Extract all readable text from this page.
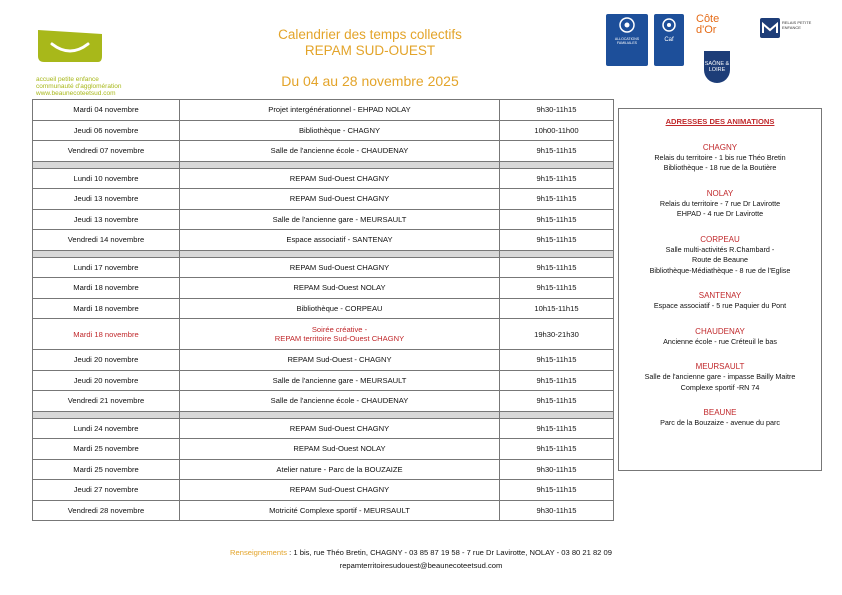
accueil petite enfance
communauté d'agglomération
www.beaunecoteetsud.com
Calendrier des temps collectifs
REPAM SUD-OUEST
Du 04 au 28 novembre 2025
ALLOCATIONS FAMILIALES	Caf
Côte d'Or
SAÔNE & LOIRE
RELAIS PETITE ENFANCE
Mardi 04 novembre	Projet intergénérationnel - EHPAD NOLAY	9h30-11h15
Jeudi 06 novembre	Bibliothèque - CHAGNY	10h00-11h00
Vendredi 07 novembre	Salle de l'ancienne école - CHAUDENAY	9h15-11h15

Lundi 10 novembre	REPAM Sud-Ouest CHAGNY	9h15-11h15
Jeudi 13 novembre	REPAM Sud-Ouest CHAGNY	9h15-11h15
Jeudi 13 novembre	Salle de l'ancienne gare - MEURSAULT	9h15-11h15
Vendredi 14 novembre	Espace associatif - SANTENAY	9h15-11h15

Lundi 17 novembre	REPAM Sud-Ouest CHAGNY	9h15-11h15
Mardi 18 novembre	REPAM Sud-Ouest NOLAY	9h15-11h15
Mardi 18 novembre	Bibliothèque - CORPEAU	10h15-11h15
Mardi 18 novembre	Soirée créative -
REPAM territoire Sud-Ouest CHAGNY	19h30-21h30
Jeudi 20 novembre	REPAM Sud-Ouest - CHAGNY	9h15-11h15
Jeudi 20 novembre	Salle de l'ancienne gare - MEURSAULT	9h15-11h15
Vendredi 21 novembre	Salle de l'ancienne école - CHAUDENAY	9h15-11h15

Lundi 24 novembre	REPAM Sud-Ouest CHAGNY	9h15-11h15
Mardi 25 novembre	REPAM Sud-Ouest NOLAY	9h15-11h15
Mardi 25 novembre	Atelier nature - Parc de la BOUZAIZE	9h30-11h15
Jeudi 27 novembre	REPAM Sud-Ouest CHAGNY	9h15-11h15
Vendredi 28 novembre	Motricité Complexe sportif - MEURSAULT	9h30-11h15
ADRESSES DES ANIMATIONS
CHAGNY
Relais du territoire - 1 bis rue Théo Bretin
Bibliothèque - 18 rue de la Boutière
NOLAY
Relais du territoire - 7 rue Dr Lavirotte
EHPAD - 4 rue Dr Lavirotte
CORPEAU
Salle multi-activités R.Chambard -
Route de Beaune
Bibliothèque-Médiathèque - 8 rue de l'Eglise
SANTENAY
Espace associatif - 5 rue Paquier du Pont
CHAUDENAY
Ancienne école - rue Créteuil le bas
MEURSAULT
Salle de l'ancienne gare - impasse Bailly Maitre
Complexe sportif -RN 74
BEAUNE
Parc de la Bouzaize - avenue du parc
Renseignements : 1 bis, rue Théo Bretin, CHAGNY - 03 85 87 19 58 - 7 rue Dr Lavirotte, NOLAY - 03 80 21 82 09
repamterritoiresudouest@beaunecoteetsud.com
